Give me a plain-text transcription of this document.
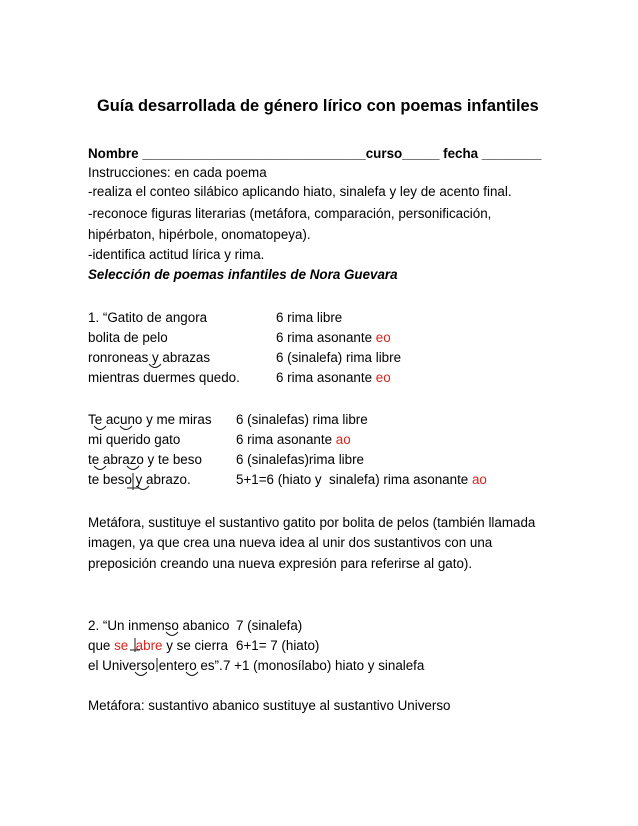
Guía desarrollada de género lírico con poemas infantiles
Nombre ______________________________curso_____ fecha ________
Instrucciones: en cada poema
-realiza el conteo silábico aplicando hiato, sinalefa y ley de acento final.
-reconoce figuras literarias (metáfora, comparación, personificación,
hipérbaton, hipérbole, onomatopeya).
-identifica actitud lírica y rima.
Selección de poemas infantiles de Nora Guevara
1. “Gatito de angora	6 rima libre
bolita de pelo	6 rima asonante eo
ronroneas y abrazas	6 (sinalefa) rima libre
mientras duermes quedo.	6 rima asonante eo
Te acuno y me miras 6 (sinalefas) rima libre
mi querido gato	6 rima asonante ao
te abrazo y te beso	6 (sinalefas)rima libre
te beso y abrazo.	5+1=6 (hiato y  sinalefa) rima asonante ao
Metáfora, sustituye el sustantivo gatito por bolita de pelos (también llamada
imagen, ya que crea una nueva idea al unir dos sustantivos con una
preposición creando una nueva expresión para referirse al gato).
2. “Un inmenso abanico 7 (sinalefa)
que se abre y se cierra 6+1= 7 (hiato)
el Universo entero es”. 7 +1 (monosílabo) hiato y sinalefa
Metáfora: sustantivo abanico sustituye al sustantivo Universo
